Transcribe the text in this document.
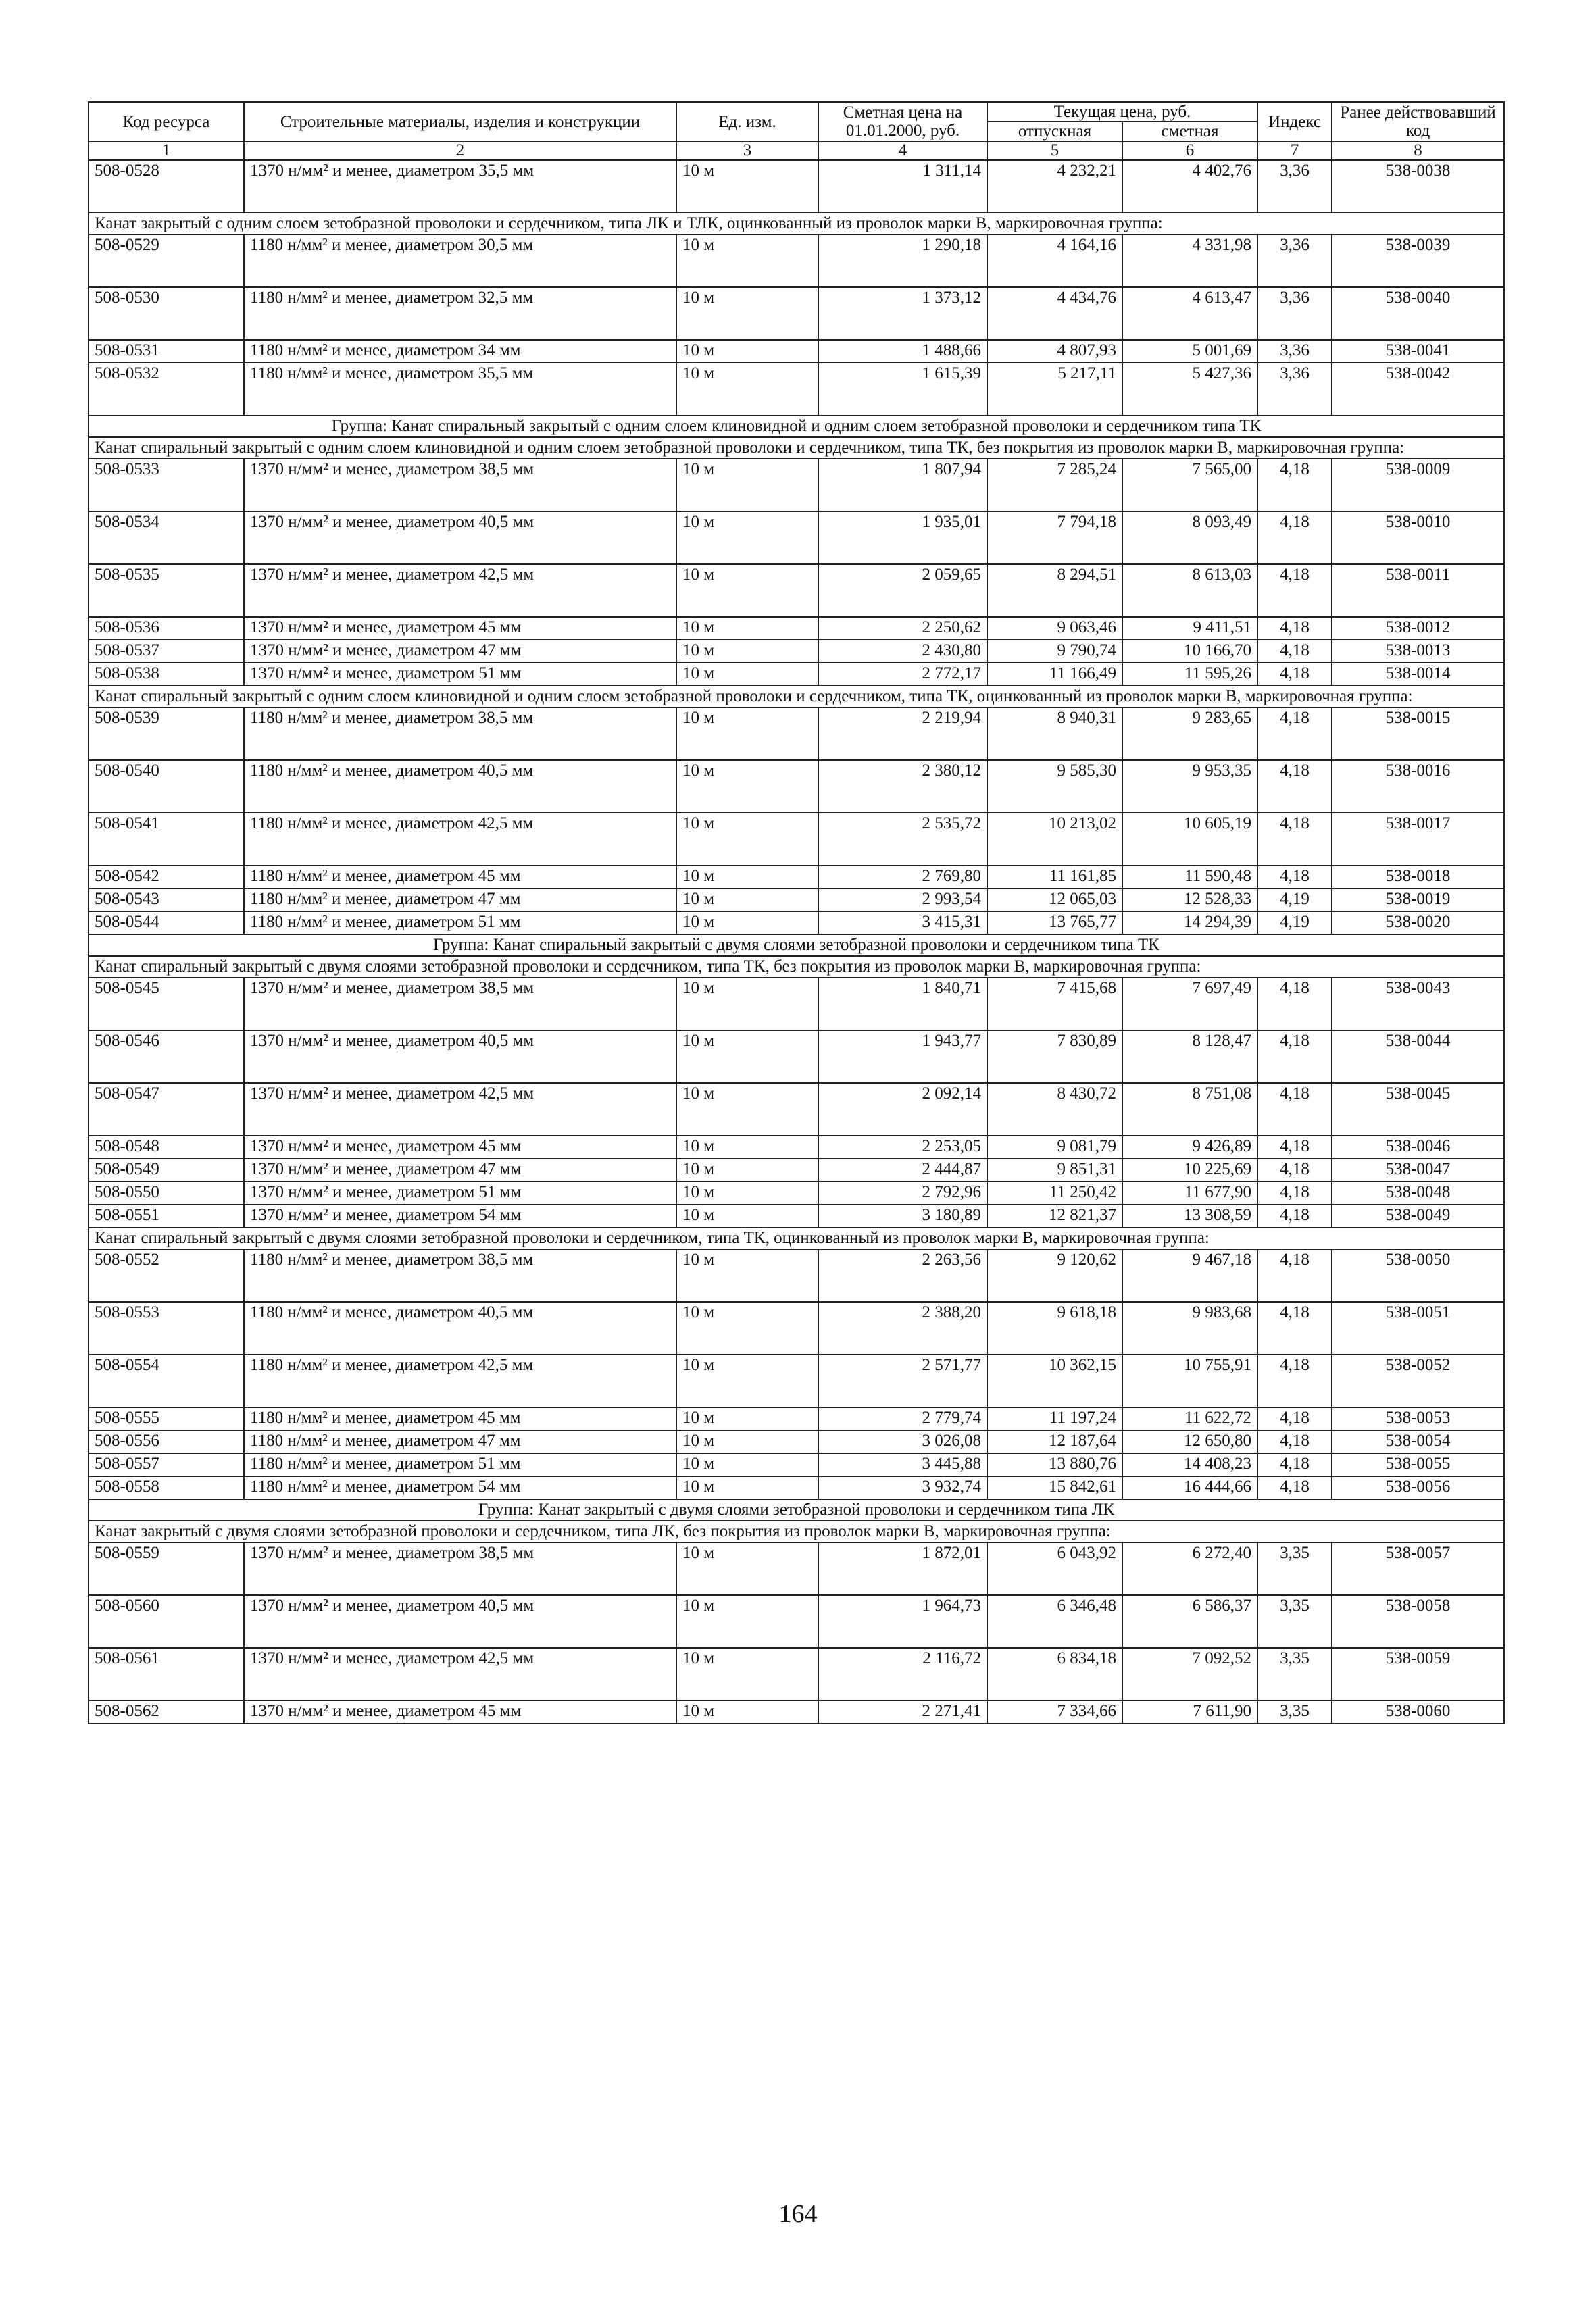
Код ресурса	Строительные материалы, изделия и конструкции	Ед. изм.	Сметная цена на 01.01.2000, руб.	Текущая цена, руб.		Индекс	Ранее действовавший код
				отпускная	сметная		
1	2	3	4	5	6	7	8
508-0528	1370 н/мм² и менее, диаметром 35,5 мм	10 м	1 311,14	4 232,21	4 402,76	3,36	538-0038
Канат закрытый с одним слоем зетобразной проволоки и сердечником, типа ЛК и ТЛК, оцинкованный из проволок марки В, маркировочная группа:							
508-0529	1180 н/мм² и менее, диаметром 30,5 мм	10 м	1 290,18	4 164,16	4 331,98	3,36	538-0039
508-0530	1180 н/мм² и менее, диаметром 32,5 мм	10 м	1 373,12	4 434,76	4 613,47	3,36	538-0040
508-0531	1180 н/мм² и менее, диаметром 34 мм	10 м	1 488,66	4 807,93	5 001,69	3,36	538-0041
508-0532	1180 н/мм² и менее, диаметром 35,5 мм	10 м	1 615,39	5 217,11	5 427,36	3,36	538-0042
Группа: Канат спиральный закрытый с одним слоем клиновидной и одним слоем зетобразной проволоки и сердечником типа ТК							
Канат спиральный закрытый с одним слоем клиновидной и одним слоем зетобразной проволоки и сердечником, типа ТК, без покрытия из проволок марки В, маркировочная группа:							
508-0533	1370 н/мм² и менее, диаметром 38,5 мм	10 м	1 807,94	7 285,24	7 565,00	4,18	538-0009
508-0534	1370 н/мм² и менее, диаметром 40,5 мм	10 м	1 935,01	7 794,18	8 093,49	4,18	538-0010
508-0535	1370 н/мм² и менее, диаметром 42,5 мм	10 м	2 059,65	8 294,51	8 613,03	4,18	538-0011
508-0536	1370 н/мм² и менее, диаметром 45 мм	10 м	2 250,62	9 063,46	9 411,51	4,18	538-0012
508-0537	1370 н/мм² и менее, диаметром 47 мм	10 м	2 430,80	9 790,74	10 166,70	4,18	538-0013
508-0538	1370 н/мм² и менее, диаметром 51 мм	10 м	2 772,17	11 166,49	11 595,26	4,18	538-0014
Канат спиральный закрытый с одним слоем клиновидной и одним слоем зетобразной проволоки и сердечником, типа ТК, оцинкованный из проволок марки В, маркировочная группа:							
508-0539	1180 н/мм² и менее, диаметром 38,5 мм	10 м	2 219,94	8 940,31	9 283,65	4,18	538-0015
508-0540	1180 н/мм² и менее, диаметром 40,5 мм	10 м	2 380,12	9 585,30	9 953,35	4,18	538-0016
508-0541	1180 н/мм² и менее, диаметром 42,5 мм	10 м	2 535,72	10 213,02	10 605,19	4,18	538-0017
508-0542	1180 н/мм² и менее, диаметром 45 мм	10 м	2 769,80	11 161,85	11 590,48	4,18	538-0018
508-0543	1180 н/мм² и менее, диаметром 47 мм	10 м	2 993,54	12 065,03	12 528,33	4,19	538-0019
508-0544	1180 н/мм² и менее, диаметром 51 мм	10 м	3 415,31	13 765,77	14 294,39	4,19	538-0020
Группа: Канат спиральный закрытый с двумя слоями зетобразной проволоки и сердечником типа ТК							
Канат спиральный закрытый с двумя слоями зетобразной проволоки и сердечником, типа ТК, без покрытия из проволок марки В, маркировочная группа:							
508-0545	1370 н/мм² и менее, диаметром 38,5 мм	10 м	1 840,71	7 415,68	7 697,49	4,18	538-0043
508-0546	1370 н/мм² и менее, диаметром 40,5 мм	10 м	1 943,77	7 830,89	8 128,47	4,18	538-0044
508-0547	1370 н/мм² и менее, диаметром 42,5 мм	10 м	2 092,14	8 430,72	8 751,08	4,18	538-0045
508-0548	1370 н/мм² и менее, диаметром 45 мм	10 м	2 253,05	9 081,79	9 426,89	4,18	538-0046
508-0549	1370 н/мм² и менее, диаметром 47 мм	10 м	2 444,87	9 851,31	10 225,69	4,18	538-0047
508-0550	1370 н/мм² и менее, диаметром 51 мм	10 м	2 792,96	11 250,42	11 677,90	4,18	538-0048
508-0551	1370 н/мм² и менее, диаметром 54 мм	10 м	3 180,89	12 821,37	13 308,59	4,18	538-0049
Канат спиральный закрытый с двумя слоями зетобразной проволоки и сердечником, типа ТК, оцинкованный из проволок марки В, маркировочная группа:							
508-0552	1180 н/мм² и менее, диаметром 38,5 мм	10 м	2 263,56	9 120,62	9 467,18	4,18	538-0050
508-0553	1180 н/мм² и менее, диаметром 40,5 мм	10 м	2 388,20	9 618,18	9 983,68	4,18	538-0051
508-0554	1180 н/мм² и менее, диаметром 42,5 мм	10 м	2 571,77	10 362,15	10 755,91	4,18	538-0052
508-0555	1180 н/мм² и менее, диаметром 45 мм	10 м	2 779,74	11 197,24	11 622,72	4,18	538-0053
508-0556	1180 н/мм² и менее, диаметром 47 мм	10 м	3 026,08	12 187,64	12 650,80	4,18	538-0054
508-0557	1180 н/мм² и менее, диаметром 51 мм	10 м	3 445,88	13 880,76	14 408,23	4,18	538-0055
508-0558	1180 н/мм² и менее, диаметром 54 мм	10 м	3 932,74	15 842,61	16 444,66	4,18	538-0056
Группа: Канат закрытый с двумя слоями зетобразной проволоки и сердечником типа ЛК							
Канат закрытый с двумя слоями зетобразной проволоки и сердечником, типа ЛК, без покрытия из проволок марки В, маркировочная группа:							
508-0559	1370 н/мм² и менее, диаметром 38,5 мм	10 м	1 872,01	6 043,92	6 272,40	3,35	538-0057
508-0560	1370 н/мм² и менее, диаметром 40,5 мм	10 м	1 964,73	6 346,48	6 586,37	3,35	538-0058
508-0561	1370 н/мм² и менее, диаметром 42,5 мм	10 м	2 116,72	6 834,18	7 092,52	3,35	538-0059
508-0562	1370 н/мм² и менее, диаметром 45 мм	10 м	2 271,41	7 334,66	7 611,90	3,35	538-0060
164
